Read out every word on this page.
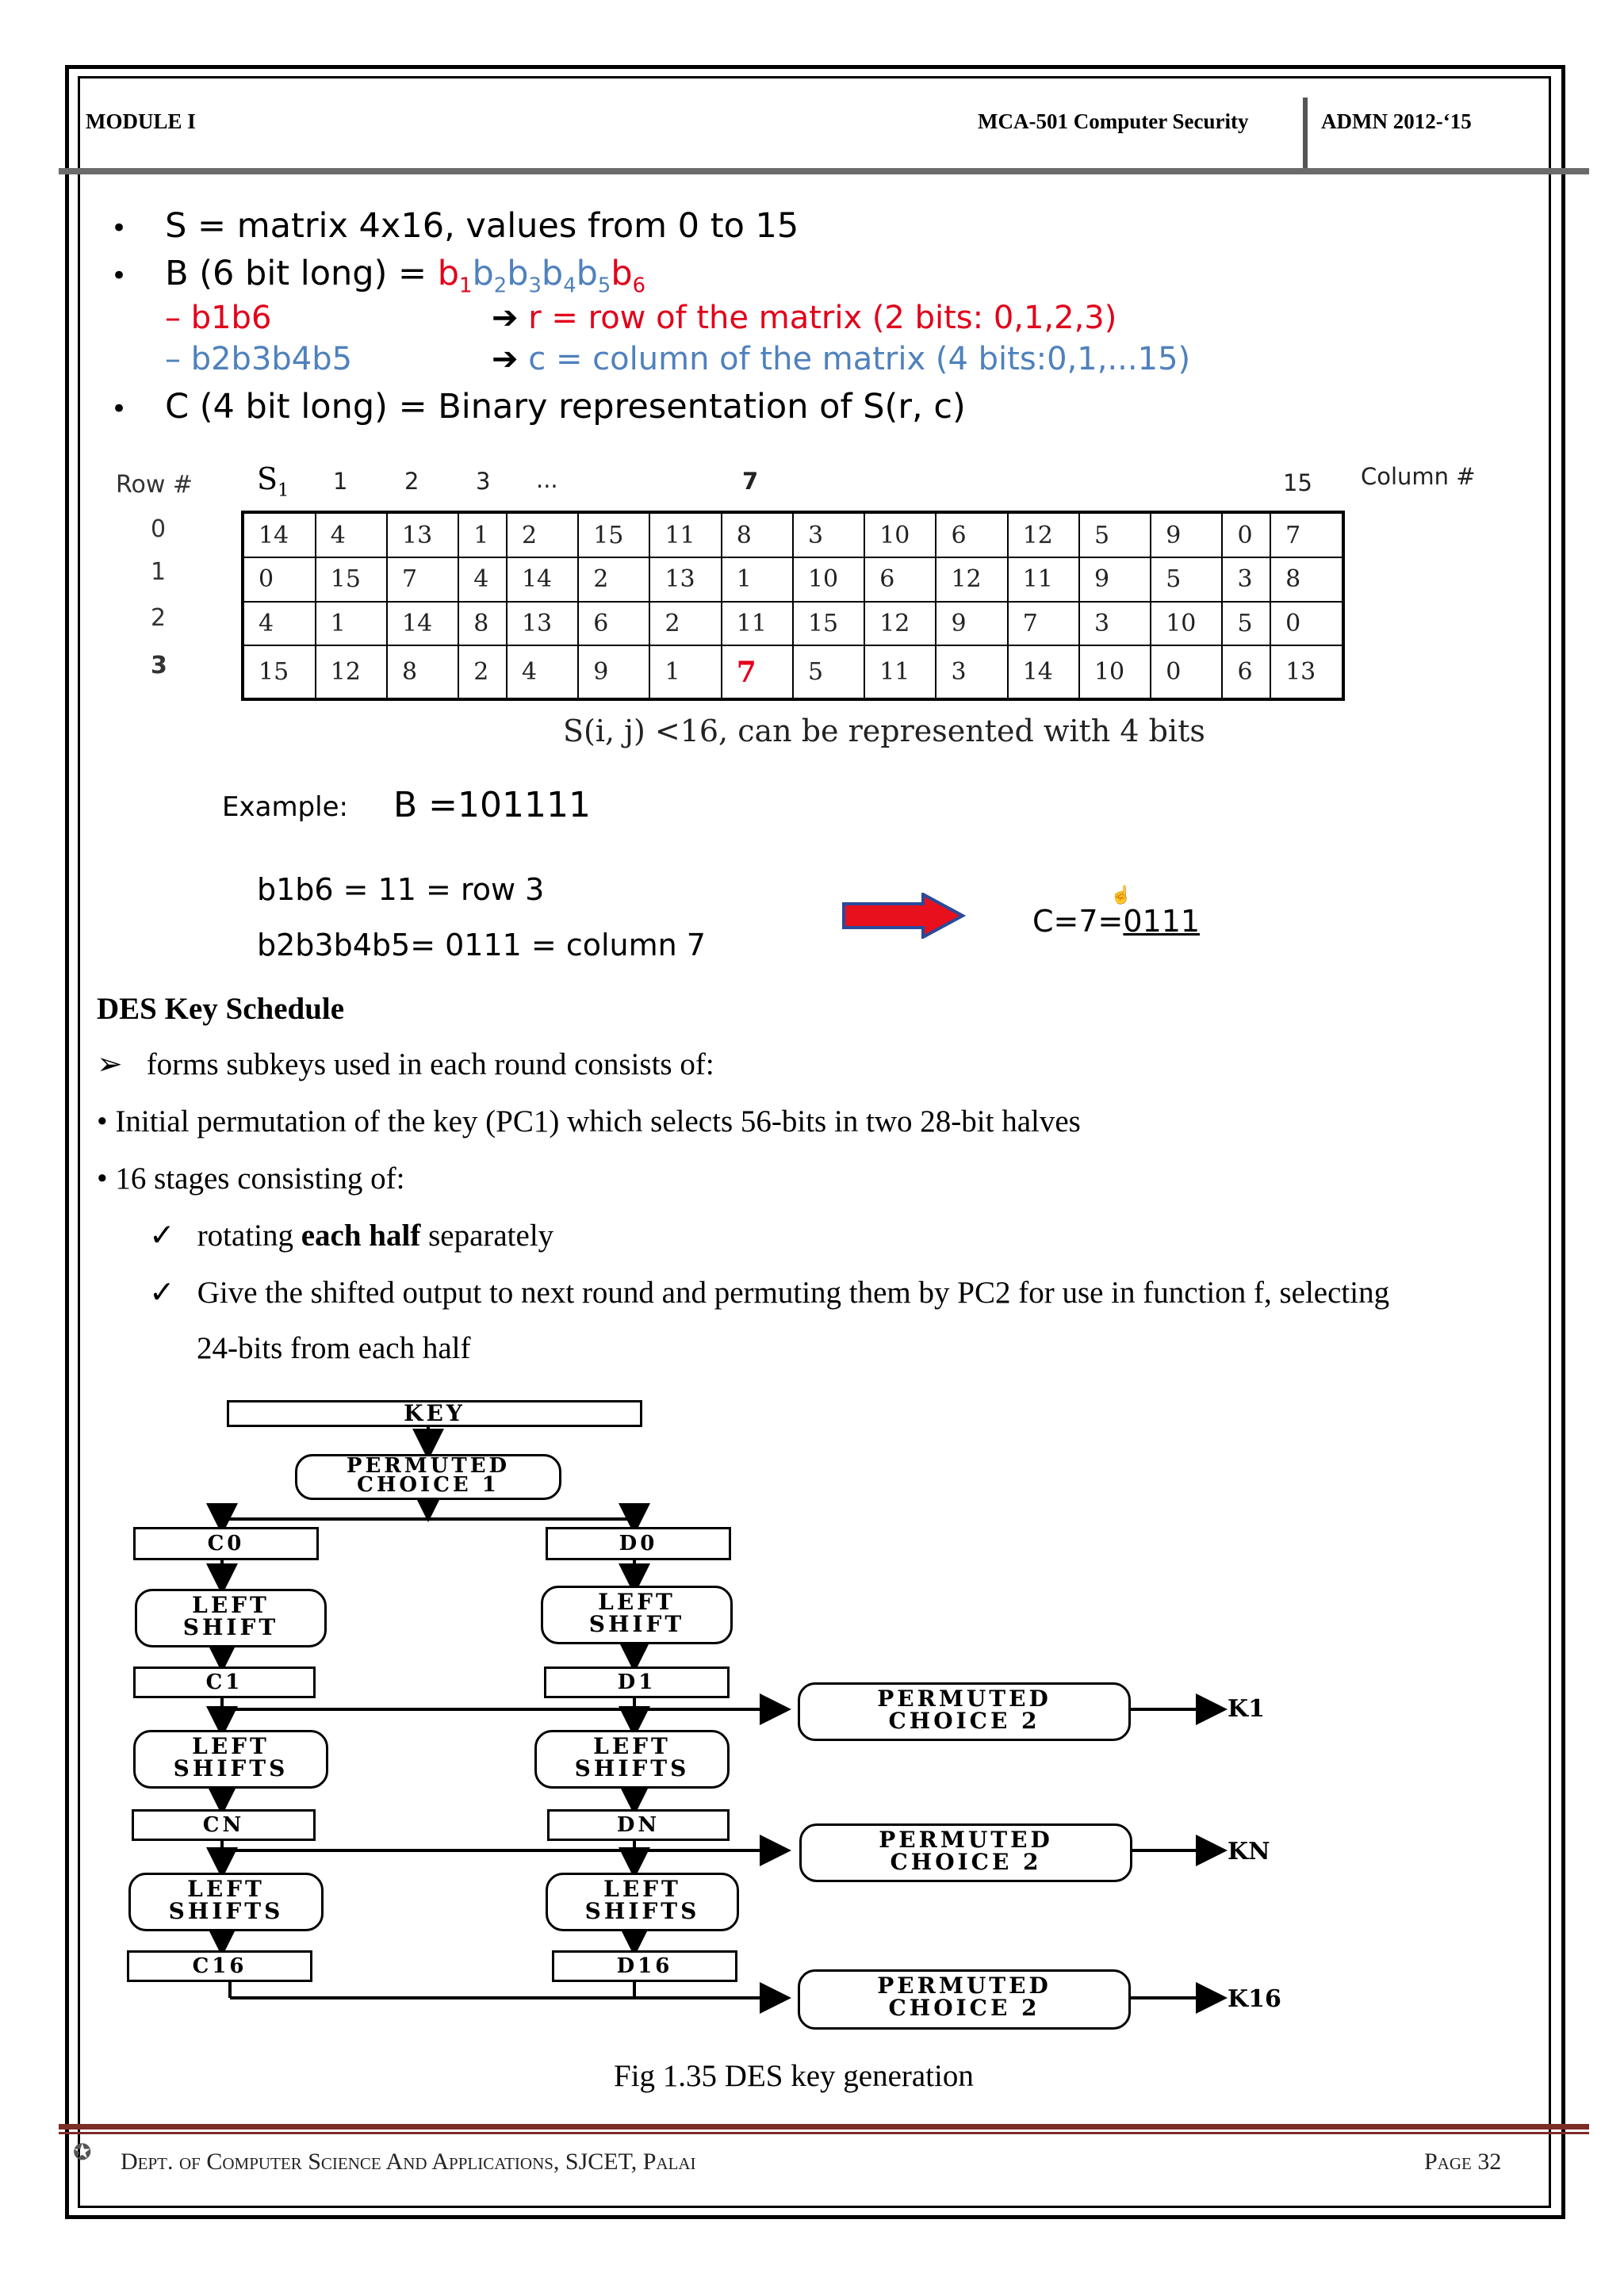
MODULE I	MCA-501 Computer Security	ADMN 2012-‘15
• S = matrix 4x16, values from 0 to 15
• B (6 bit long) = $b_1b_2b_3b_4b_5b_6$
– b1b6	➔ r = row of the matrix (2 bits: 0,1,2,3)
– b2b3b4b5	➔ c = column of the matrix (4 bits:0,1,...15)
• C (4 bit long) = Binary representation of S(r, c)
Row # $S_1$ 1 2 3 ...	7	15 Column #
0
1
2
3
14	4	13	1	2	15	11	8	3	10	6	12	5	9	0	7
0	15	7	4	14	2	13	1	10	6	12	11	9	5	3	8
4	1	14	8	13	6	2	11	15	12	9	7	3	10	5	0
15	12	8	2	4	9	1	7	5	11	3	14	10	0	6	13
S(i, j) <16, can be represented with 4 bits
Example: B =101111
b1b6 = 11 = row 3
b2b3b4b5= 0111 = column 7
☝
C=7=0111
DES Key Schedule
➢ forms subkeys used in each round consists of:
• Initial permutation of the key (PC1) which selects 56-bits in two 28-bit halves
• 16 stages consisting of:
✓ rotating each half separately
✓ Give the shifted output to next round and permuting them by PC2 for use in function f, selecting
24-bits from each half
KEY
PERMUTED
CHOICE 1
C0	D0
LEFT
SHIFT
LEFT
SHIFT
C1	D1
PERMUTED
CHOICE 2	K1
LEFT
SHIFTS
LEFT
SHIFTS
CN	DN
PERMUTED
CHOICE 2	KN
LEFT
SHIFTS
LEFT
SHIFTS
C16	D16
PERMUTED
CHOICE 2	K16
Fig 1.35 DES key generation
✪ Dept. of Computer Science And Applications, SJCET, Palai	Page 32
